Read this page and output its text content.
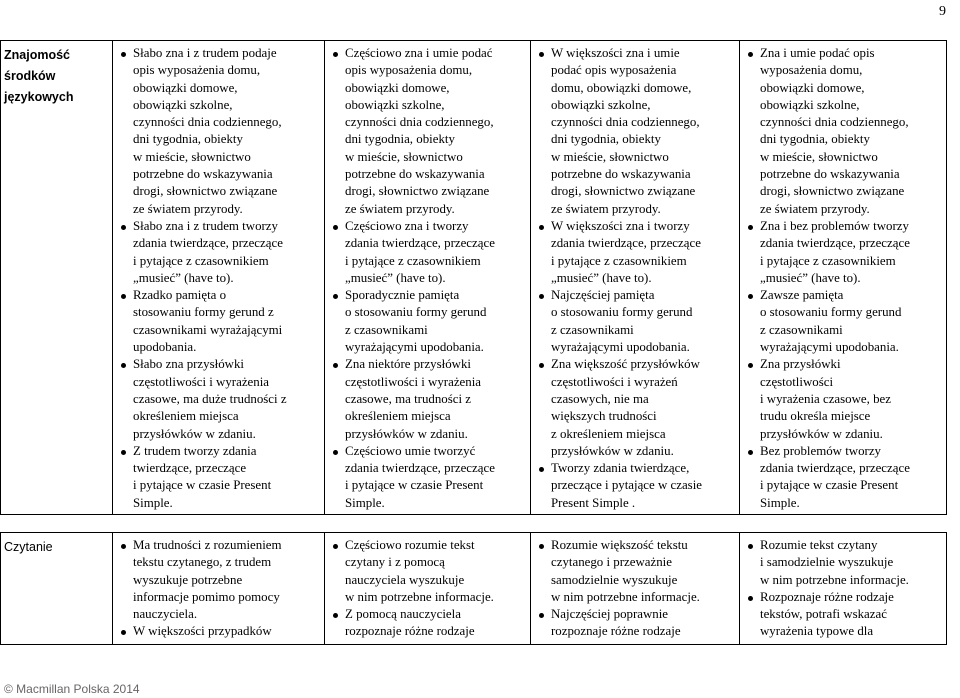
9
Znajomość
środków
językowych

Słabo zna i z trudem podaje
opis wyposażenia domu,
obowiązki domowe,
obowiązki szkolne,
czynności dnia codziennego,
dni tygodnia, obiekty
w mieście, słownictwo
potrzebne do wskazywania
drogi, słownictwo związane
ze światem przyrody.
Słabo zna i z trudem tworzy
zdania twierdzące, przeczące
i pytające z czasownikiem
„musieć” (have to).
Rzadko pamięta o
stosowaniu formy gerund z
czasownikami wyrażającymi
upodobania.
Słabo zna przysłówki
częstotliwości i wyrażenia
czasowe, ma duże trudności z
określeniem miejsca
przysłówków w zdaniu.
Z trudem tworzy zdania
twierdzące, przeczące
i pytające w czasie Present
Simple.

Częściowo zna i umie podać
opis wyposażenia domu,
obowiązki domowe,
obowiązki szkolne,
czynności dnia codziennego,
dni tygodnia, obiekty
w mieście, słownictwo
potrzebne do wskazywania
drogi, słownictwo związane
ze światem przyrody.
Częściowo zna i tworzy
zdania twierdzące, przeczące
i pytające z czasownikiem
„musieć” (have to).
Sporadycznie pamięta
o stosowaniu formy gerund
z czasownikami
wyrażającymi upodobania.
Zna niektóre przysłówki
częstotliwości i wyrażenia
czasowe, ma trudności z
określeniem miejsca
przysłówków w zdaniu.
Częściowo umie tworzyć
zdania twierdzące, przeczące
i pytające w czasie Present
Simple.

W większości zna i umie
podać opis wyposażenia
domu, obowiązki domowe,
obowiązki szkolne,
czynności dnia codziennego,
dni tygodnia, obiekty
w mieście, słownictwo
potrzebne do wskazywania
drogi, słownictwo związane
ze światem przyrody.
W większości zna i tworzy
zdania twierdzące, przeczące
i pytające z czasownikiem
„musieć” (have to).
Najczęściej pamięta
o stosowaniu formy gerund
z czasownikami
wyrażającymi upodobania.
Zna większość przysłówków
częstotliwości i wyrażeń
czasowych, nie ma
większych trudności
z określeniem miejsca
przysłówków w zdaniu.
Tworzy zdania twierdzące,
przeczące i pytające w czasie
Present Simple .

Zna i umie podać opis
wyposażenia domu,
obowiązki domowe,
obowiązki szkolne,
czynności dnia codziennego,
dni tygodnia, obiekty
w mieście, słownictwo
potrzebne do wskazywania
drogi, słownictwo związane
ze światem przyrody.
Zna i bez problemów tworzy
zdania twierdzące, przeczące
i pytające z czasownikiem
„musieć” (have to).
Zawsze pamięta
o stosowaniu formy gerund
z czasownikami
wyrażającymi upodobania.
Zna przysłówki
częstotliwości
i wyrażenia czasowe, bez
trudu określa miejsce
przysłówków w zdaniu.
Bez problemów tworzy
zdania twierdzące, przeczące
i pytające w czasie Present
Simple.
Czytanie	Ma trudności z rozumieniem
tekstu czytanego, z trudem
wyszukuje potrzebne
informacje pomimo pomocy
nauczyciela.
W większości przypadków

Częściowo rozumie tekst
czytany i z pomocą
nauczyciela wyszukuje
w nim potrzebne informacje.
Z pomocą nauczyciela
rozpoznaje różne rodzaje

Rozumie większość tekstu
czytanego i przeważnie
samodzielnie wyszukuje
w nim potrzebne informacje.
Najczęściej poprawnie
rozpoznaje różne rodzaje

Rozumie tekst czytany
i samodzielnie wyszukuje
w nim potrzebne informacje.
Rozpoznaje różne rodzaje
tekstów, potrafi wskazać
wyrażenia typowe dla
© Macmillan Polska 2014
